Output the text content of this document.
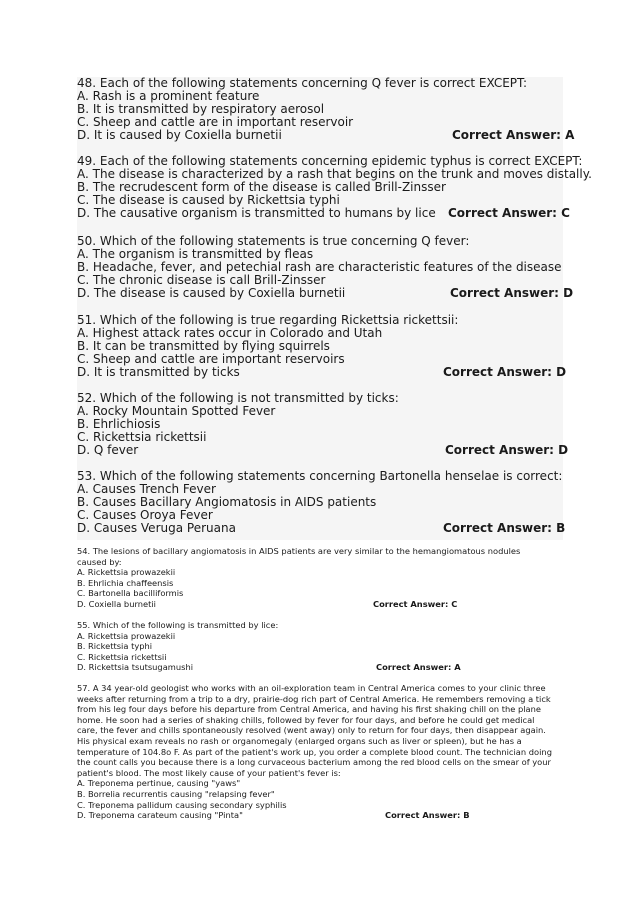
48. Each of the following statements concerning Q fever is correct EXCEPT:
A. Rash is a prominent feature
B. It is transmitted by respiratory aerosol
C. Sheep and cattle are in important reservoir
D. It is caused by Coxiella burnetii	Correct Answer: A
49. Each of the following statements concerning epidemic typhus is correct EXCEPT:
A. The disease is characterized by a rash that begins on the trunk and moves distally.
B. The recrudescent form of the disease is called Brill-Zinsser
C. The disease is caused by Rickettsia typhi
D. The causative organism is transmitted to humans by lice Correct Answer: C
50. Which of the following statements is true concerning Q fever:
A. The organism is transmitted by fleas
B. Headache, fever, and petechial rash are characteristic features of the disease
C. The chronic disease is call Brill-Zinsser
D. The disease is caused by Coxiella burnetii	Correct Answer: D
51. Which of the following is true regarding Rickettsia rickettsii:
A. Highest attack rates occur in Colorado and Utah
B. It can be transmitted by flying squirrels
C. Sheep and cattle are important reservoirs
D. It is transmitted by ticks	Correct Answer: D
52. Which of the following is not transmitted by ticks:
A. Rocky Mountain Spotted Fever
B. Ehrlichiosis
C. Rickettsia rickettsii
D. Q fever	Correct Answer: D
53. Which of the following statements concerning Bartonella henselae is correct:
A. Causes Trench Fever
B. Causes Bacillary Angiomatosis in AIDS patients
C. Causes Oroya Fever
D. Causes Veruga Peruana	Correct Answer: B
54. The lesions of bacillary angiomatosis in AIDS patients are very similar to the hemangiomatous nodules
caused by:
A. Rickettsia prowazekii
B. Ehrlichia chaffeensis
C. Bartonella bacilliformis
D. Coxiella burnetii	Correct Answer: C
55. Which of the following is transmitted by lice:
A. Rickettsia prowazekii
B. Rickettsia typhi
C. Rickettsia rickettsii
D. Rickettsia tsutsugamushi	Correct Answer: A
57. A 34 year-old geologist who works with an oil-exploration team in Central America comes to your clinic three weeks after returning from a trip to a dry, prairie-dog rich part of Central America. He remembers removing a tick from his leg four days before his departure from Central America, and having his first shaking chill on the plane home. He soon had a series of shaking chills, followed by fever for four days, and before he could get medical care, the fever and chills spontaneously resolved (went away) only to return for four days, then disappear again. His physical exam reveals no rash or organomegaly (enlarged organs such as liver or spleen), but he has a temperature of 104.8o F. As part of the patient's work up, you order a complete blood count. The technician doing the count calls you because there is a long curvaceous bacterium among the red blood cells on the smear of your patient's blood. The most likely cause of your patient's fever is:
A. Treponema pertinue, causing "yaws"
B. Borrelia recurrentis causing "relapsing fever"
C. Treponema pallidum causing secondary syphilis
D. Treponema carateum causing "Pinta"	Correct Answer: B
